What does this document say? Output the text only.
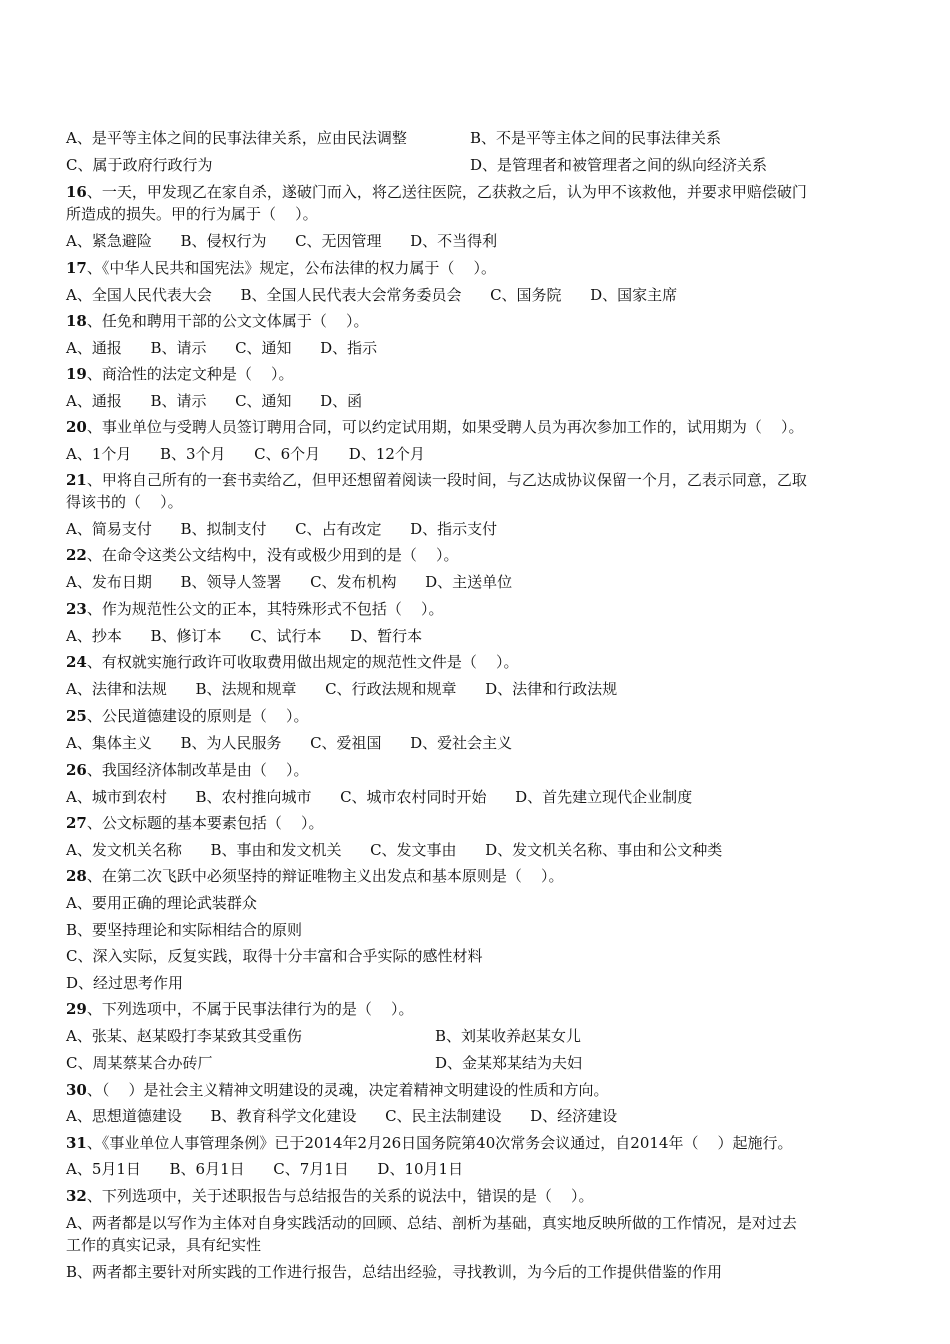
A、是平等主体之间的民事法律关系，应由民法调整	B、不是平等主体之间的民事法律关系
C、属于政府行政行为	D、是管理者和被管理者之间的纵向经济关系
16、一天，甲发现乙在家自杀，遂破门而入，将乙送往医院，乙获救之后，认为甲不该救他，并要求甲赔偿破门
所造成的损失。甲的行为属于（    ）。
A、紧急避险      B、侵权行为      C、无因管理      D、不当得利
17、《中华人民共和国宪法》规定，公布法律的权力属于（    ）。
A、全国人民代表大会      B、全国人民代表大会常务委员会      C、国务院      D、国家主席
18、任免和聘用干部的公文文体属于（    ）。
A、通报      B、请示      C、通知      D、指示
19、商洽性的法定文种是（    ）。
A、通报      B、请示      C、通知      D、函
20、事业单位与受聘人员签订聘用合同，可以约定试用期，如果受聘人员为再次参加工作的，试用期为（    ）。
A、1个月      B、3个月      C、6个月      D、12个月
21、甲将自己所有的一套书卖给乙，但甲还想留着阅读一段时间，与乙达成协议保留一个月，乙表示同意，乙取
得该书的（    ）。
A、简易支付      B、拟制支付      C、占有改定      D、指示支付
22、在命令这类公文结构中，没有或极少用到的是（    ）。
A、发布日期      B、领导人签署      C、发布机构      D、主送单位
23、作为规范性公文的正本，其特殊形式不包括（    ）。
A、抄本      B、修订本      C、试行本      D、暂行本
24、有权就实施行政许可收取费用做出规定的规范性文件是（    ）。
A、法律和法规      B、法规和规章      C、行政法规和规章      D、法律和行政法规
25、公民道德建设的原则是（    ）。
A、集体主义      B、为人民服务      C、爱祖国      D、爱社会主义
26、我国经济体制改革是由（    ）。
A、城市到农村      B、农村推向城市      C、城市农村同时开始      D、首先建立现代企业制度
27、公文标题的基本要素包括（    ）。
A、发文机关名称      B、事由和发文机关      C、发文事由      D、发文机关名称、事由和公文种类
28、在第二次飞跃中必须坚持的辩证唯物主义出发点和基本原则是（    ）。
A、要用正确的理论武装群众
B、要坚持理论和实际相结合的原则
C、深入实际，反复实践，取得十分丰富和合乎实际的感性材料
D、经过思考作用
29、下列选项中，不属于民事法律行为的是（    ）。
A、张某、赵某殴打李某致其受重伤	B、刘某收养赵某女儿
C、周某蔡某合办砖厂	D、金某郑某结为夫妇
30、（    ）是社会主义精神文明建设的灵魂，决定着精神文明建设的性质和方向。
A、思想道德建设      B、教育科学文化建设      C、民主法制建设      D、经济建设
31、《事业单位人事管理条例》已于2014年2月26日国务院第40次常务会议通过，自2014年（    ）起施行。
A、5月1日      B、6月1日      C、7月1日      D、10月1日
32、下列选项中，关于述职报告与总结报告的关系的说法中，错误的是（    ）。
A、两者都是以写作为主体对自身实践活动的回顾、总结、剖析为基础，真实地反映所做的工作情况，是对过去
工作的真实记录，具有纪实性
B、两者都主要针对所实践的工作进行报告，总结出经验，寻找教训，为今后的工作提供借鉴的作用
